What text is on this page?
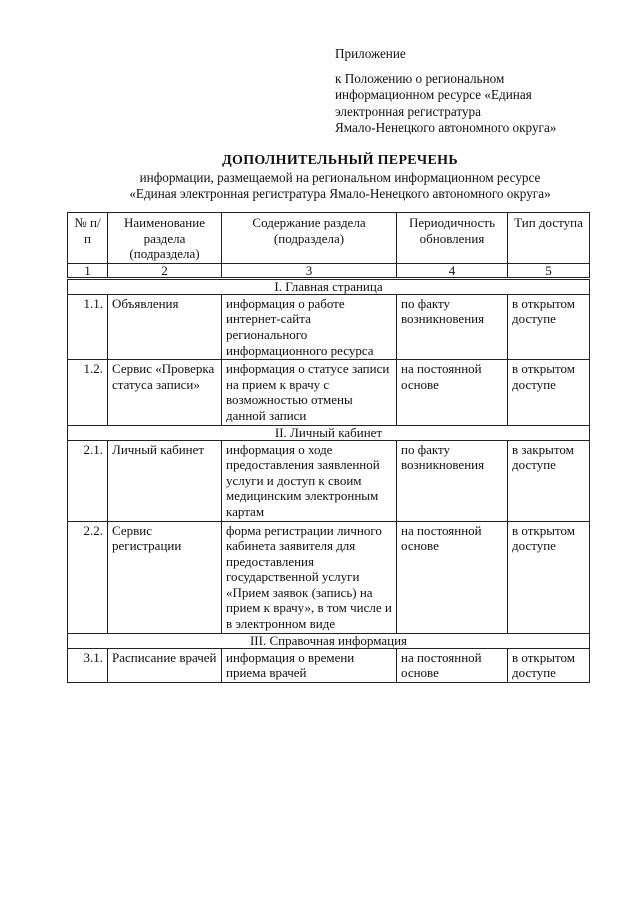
Приложение
к Положению о региональном
информационном ресурсе «Единая
электронная регистратура
Ямало-Ненецкого автономного округа»
ДОПОЛНИТЕЛЬНЫЙ ПЕРЕЧЕНЬ
информации, размещаемой на региональном информационном ресурсе
«Единая электронная регистратура Ямало-Ненецкого автономного округа»
№ п/п	Наименование раздела (подраздела)	Содержание раздела (подраздела)	Периодичность обновления	Тип доступа
1	2	3	4	5
I. Главная страница				
1.1.	Объявления	информация о работе интернет-сайта регионального информационного ресурса	по факту возникновения	в открытом доступе
1.2.	Сервис «Проверка статуса записи»	информация о статусе записи на прием к врачу с возможностью отмены данной записи	на постоянной основе	в открытом доступе
II. Личный кабинет				
2.1.	Личный кабинет	информация о ходе предоставления заявленной услуги и доступ к своим медицинским электронным картам	по факту возникновения	в закрытом доступе
2.2.	Сервис регистрации	форма регистрации личного кабинета заявителя для предоставления государственной услуги «Прием заявок (запись) на прием к врачу», в том числе и в электронном виде	на постоянной основе	в открытом доступе
III. Справочная информация				
3.1.	Расписание врачей	информация о времени приема врачей	на постоянной основе	в открытом доступе
